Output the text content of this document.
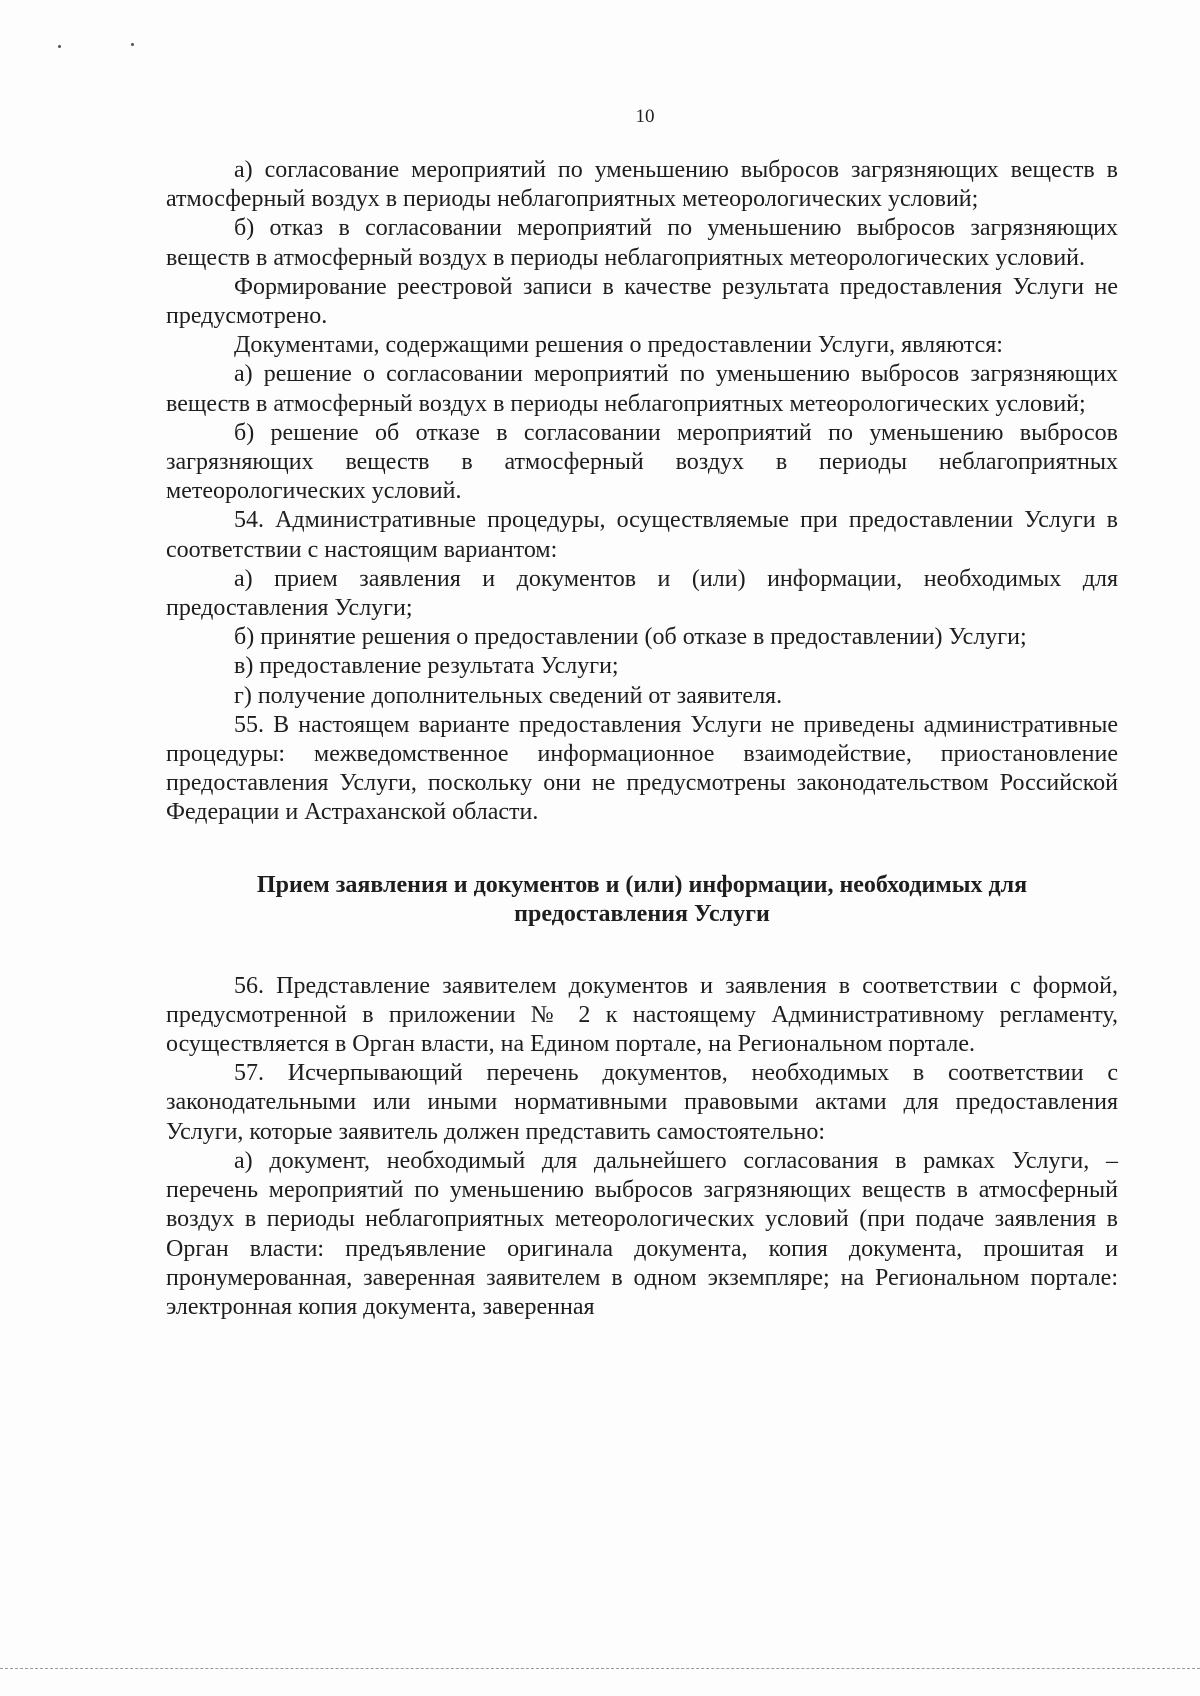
10

а) согласование мероприятий по уменьшению выбросов загрязняющих веществ в атмосферный воздух в периоды неблагоприятных метеорологических условий;

б) отказ в согласовании мероприятий по уменьшению выбросов загрязняющих веществ в атмосферный воздух в периоды неблагоприятных метеорологических условий.

Формирование реестровой записи в качестве результата предоставления Услуги не предусмотрено.

Документами, содержащими решения о предоставлении Услуги, являются:

а) решение о согласовании мероприятий по уменьшению выбросов загрязняющих веществ в атмосферный воздух в периоды неблагоприятных метеорологических условий;

б) решение об отказе в согласовании мероприятий по уменьшению выбросов загрязняющих веществ в атмосферный воздух в периоды неблагоприятных метеорологических условий.

54. Административные процедуры, осуществляемые при предоставлении Услуги в соответствии с настоящим вариантом:

а) прием заявления и документов и (или) информации, необходимых для предоставления Услуги;

б) принятие решения о предоставлении (об отказе в предоставлении) Услуги;

в) предоставление результата Услуги;

г) получение дополнительных сведений от заявителя.

55. В настоящем варианте предоставления Услуги не приведены административные процедуры: межведомственное информационное взаимодействие, приостановление предоставления Услуги, поскольку они не предусмотрены законодательством Российской Федерации и Астраханской области.

Прием заявления и документов и (или) информации, необходимых для предоставления Услуги

56. Представление заявителем документов и заявления в соответствии с формой, предусмотренной в приложении № 2 к настоящему Административному регламенту, осуществляется в Орган власти, на Едином портале, на Региональном портале.

57. Исчерпывающий перечень документов, необходимых в соответствии с законодательными или иными нормативными правовыми актами для предоставления Услуги, которые заявитель должен представить самостоятельно:

а) документ, необходимый для дальнейшего согласования в рамках Услуги, – перечень мероприятий по уменьшению выбросов загрязняющих веществ в атмосферный воздух в периоды неблагоприятных метеорологических условий (при подаче заявления в Орган власти: предъявление оригинала документа, копия документа, прошитая и пронумерованная, заверенная заявителем в одном экземпляре; на Региональном портале: электронная копия документа, заверенная
